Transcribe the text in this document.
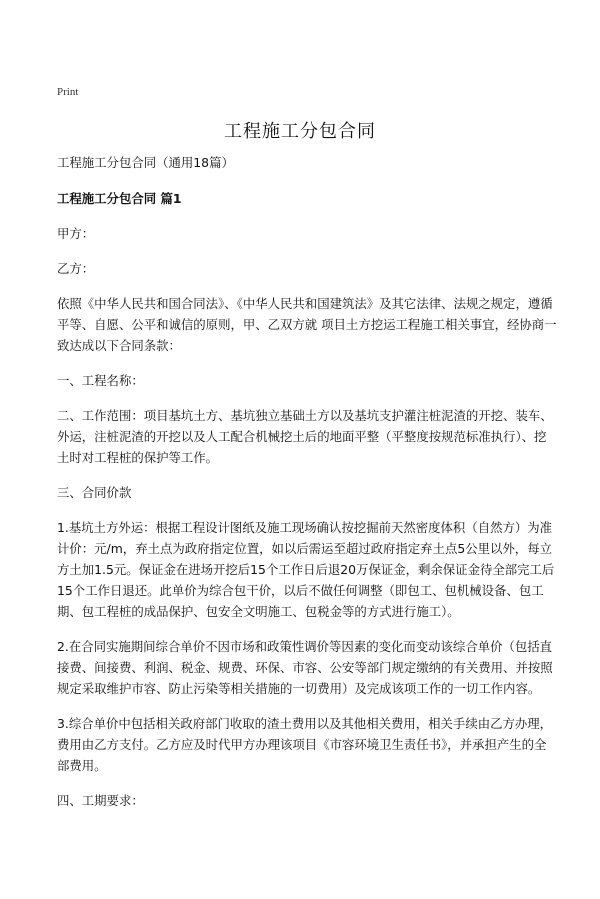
Print
工程施工分包合同

工程施工分包合同（通用18篇）

工程施工分包合同 篇1

甲方：

乙方：

依照《中华人民共和国合同法》、《中华人民共和国建筑法》及其它法律、法规之规定，遵循平等、自愿、公平和诚信的原则，甲、乙双方就 项目土方挖运工程施工相关事宜，经协商一致达成以下合同条款：

一、工程名称：

二、工作范围：项目基坑土方、基坑独立基础土方以及基坑支护灌注桩泥渣的开挖、装车、外运，注桩泥渣的开挖以及人工配合机械挖土后的地面平整（平整度按规范标准执行）、挖土时对工程桩的保护等工作。

三、合同价款

1.基坑土方外运：根据工程设计图纸及施工现场确认按挖掘前天然密度体积（自然方）为准计价：元/m，弃土点为政府指定位置，如以后需运至超过政府指定弃土点5公里以外，每立方土加1.5元。保证金在进场开挖后15个工作日后退20万保证金，剩余保证金待全部完工后15个工作日退还。此单价为综合包干价，以后不做任何调整（即包工、包机械设备、包工期、包工程桩的成品保护、包安全文明施工、包税金等的方式进行施工）。

2.在合同实施期间综合单价不因市场和政策性调价等因素的变化而变动该综合单价（包括直接费、间接费、利润、税金、规费、环保、市容、公安等部门规定缴纳的有关费用、并按照规定采取维护市容、防止污染等相关措施的一切费用）及完成该项工作的一切工作内容。

3.综合单价中包括相关政府部门收取的渣土费用以及其他相关费用，相关手续由乙方办理，费用由乙方支付。乙方应及时代甲方办理该项目《市容环境卫生责任书》，并承担产生的全部费用。

四、工期要求：
